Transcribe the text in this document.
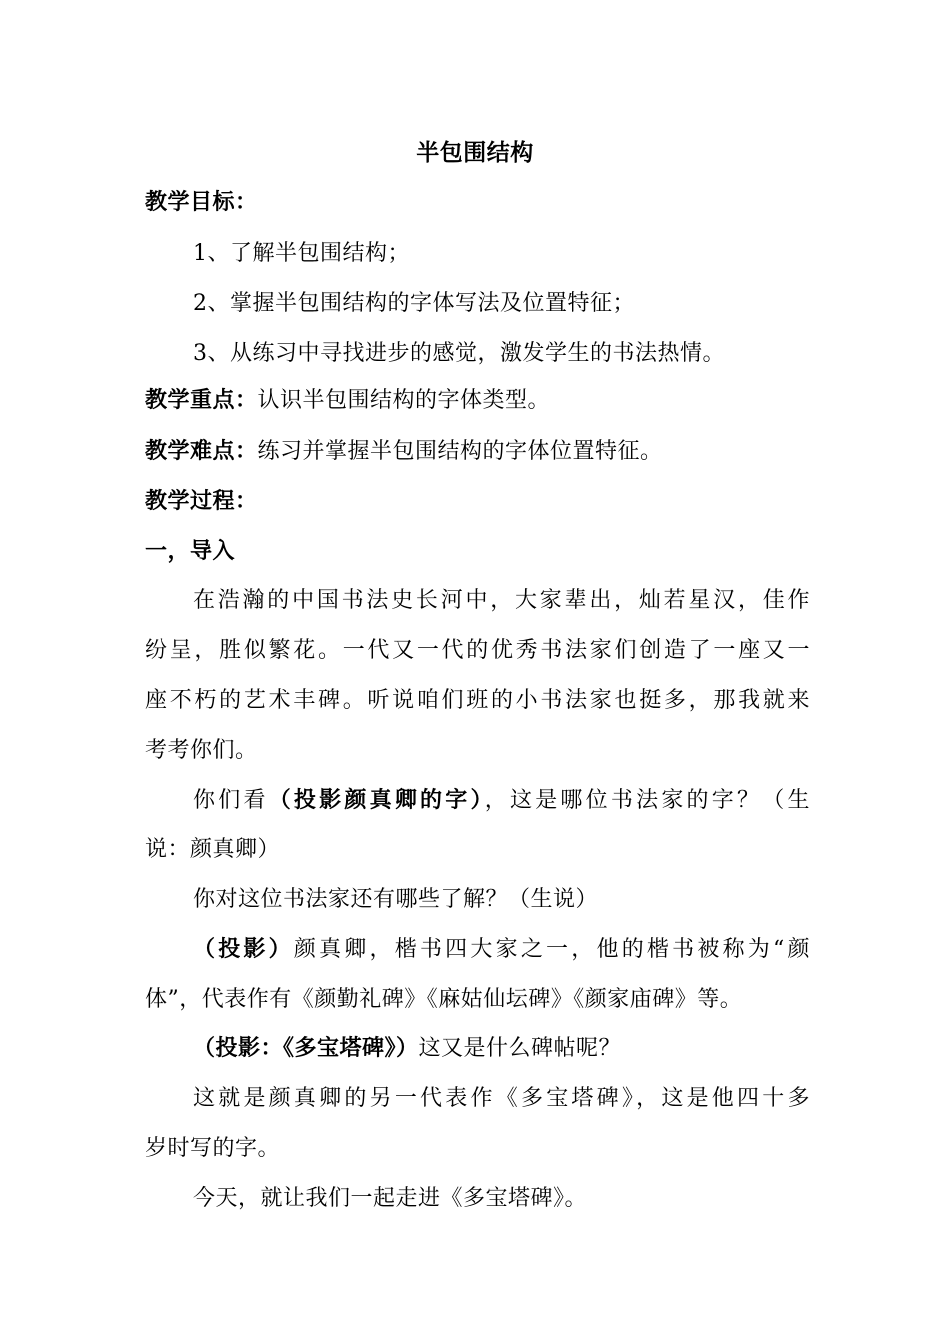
半包围结构
教学目标：
1、了解半包围结构；
2、掌握半包围结构的字体写法及位置特征；
3、从练习中寻找进步的感觉，激发学生的书法热情。
教学重点：认识半包围结构的字体类型。
教学难点：练习并掌握半包围结构的字体位置特征。
教学过程：
一，导入
在浩瀚的中国书法史长河中，大家辈出，灿若星汉，佳作
纷呈，胜似繁花。一代又一代的优秀书法家们创造了一座又一
座不朽的艺术丰碑。听说咱们班的小书法家也挺多，那我就来
考考你们。
你们看（投影颜真卿的字），这是哪位书法家的字？（生
说：颜真卿）
你对这位书法家还有哪些了解？（生说）
（投影）颜真卿，楷书四大家之一，他的楷书被称为“颜
体”，代表作有《颜勤礼碑》《麻姑仙坛碑》《颜家庙碑》等。
（投影：《多宝塔碑》）这又是什么碑帖呢？
这就是颜真卿的另一代表作《多宝塔碑》，这是他四十多
岁时写的字。
今天，就让我们一起走进《多宝塔碑》。
